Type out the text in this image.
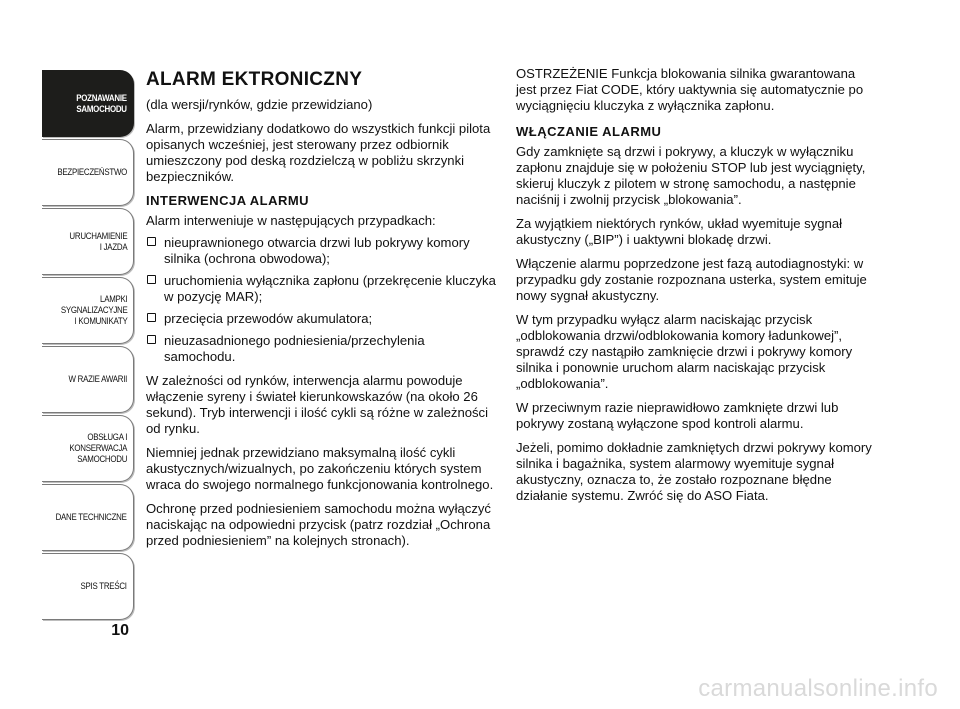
POZNAWANIE
SAMOCHODU
BEZPIECZEŃSTWO
URUCHAMIENIE
I JAZDA
LAMPKI
SYGNALIZACYJNE
I KOMUNIKATY
W RAZIE AWARII
OBSŁUGA I
KONSERWACJA
SAMOCHODU
DANE TECHNICZNE
SPIS TREŚCI
10
ALARM EKTRONICZNY

(dla wersji/rynków, gdzie przewidziano)

Alarm, przewidziany dodatkowo do wszystkich funkcji pilota opisanych wcześniej, jest sterowany przez odbiornik umieszczony pod deską rozdzielczą w pobliżu skrzynki bezpieczników.

INTERWENCJA ALARMU

Alarm interweniuje w następujących przypadkach:

nieuprawnionego otwarcia drzwi lub pokrywy komory silnika (ochrona obwodowa);
uruchomienia wyłącznika zapłonu (przekręcenie kluczyka w pozycję MAR);
przecięcia przewodów akumulatora;
nieuzasadnionego podniesienia/przechylenia samochodu.

W zależności od rynków, interwencja alarmu powoduje włączenie syreny i świateł kierunkowskazów (na około 26 sekund). Tryb interwencji i ilość cykli są różne w zależności od rynku.

Niemniej jednak przewidziano maksymalną ilość cykli akustycznych/wizualnych, po zakończeniu których system wraca do swojego normalnego funkcjonowania kontrolnego.

Ochronę przed podniesieniem samochodu można wyłączyć naciskając na odpowiedni przycisk (patrz rozdział „Ochrona przed podniesieniem” na kolejnych stronach).

OSTRZEŻENIE Funkcja blokowania silnika gwarantowana jest przez Fiat CODE, który uaktywnia się automatycznie po wyciągnięciu kluczyka z wyłącznika zapłonu.

WŁĄCZANIE ALARMU

Gdy zamknięte są drzwi i pokrywy, a kluczyk w wyłączniku zapłonu znajduje się w położeniu STOP lub jest wyciągnięty, skieruj kluczyk z pilotem w stronę samochodu, a następnie naciśnij i zwolnij przycisk „blokowania”.

Za wyjątkiem niektórych rynków, układ wyemituje sygnał akustyczny („BIP”) i uaktywni blokadę drzwi.

Włączenie alarmu poprzedzone jest fazą autodiagnostyki: w przypadku gdy zostanie rozpoznana usterka, system emituje nowy sygnał akustyczny.

W tym przypadku wyłącz alarm naciskając przycisk „odblokowania drzwi/odblokowania komory ładunkowej”, sprawdź czy nastąpiło zamknięcie drzwi i pokrywy komory silnika i ponownie uruchom alarm naciskając przycisk „odblokowania”.

W przeciwnym razie nieprawidłowo zamknięte drzwi lub pokrywy zostaną wyłączone spod kontroli alarmu.

Jeżeli, pomimo dokładnie zamkniętych drzwi pokrywy komory silnika i bagażnika, system alarmowy wyemituje sygnał akustyczny, oznacza to, że zostało rozpoznane błędne działanie systemu. Zwróć się do ASO Fiata.

carmanualsonline.info
